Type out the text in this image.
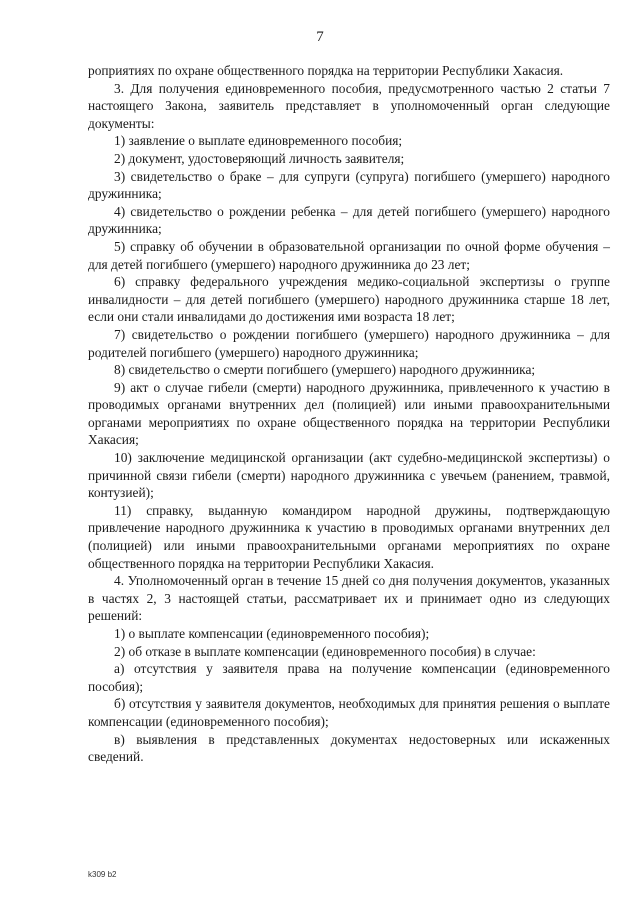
7

роприятиях по охране общественного порядка на территории Республики Хакасия.

3. Для получения единовременного пособия, предусмотренного частью 2 статьи 7 настоящего Закона, заявитель представляет в уполномоченный орган следующие документы:

1) заявление о выплате единовременного пособия;

2) документ, удостоверяющий личность заявителя;

3) свидетельство о браке – для супруги (супруга) погибшего (умершего) народного дружинника;

4) свидетельство о рождении ребенка – для детей погибшего (умершего) народного дружинника;

5) справку об обучении в образовательной организации по очной форме обучения – для детей погибшего (умершего) народного дружинника до 23 лет;

6) справку федерального учреждения медико-социальной экспертизы о группе инвалидности – для детей погибшего (умершего) народного дружинника старше 18 лет, если они стали инвалидами до достижения ими возраста 18 лет;

7) свидетельство о рождении погибшего (умершего) народного дружинника – для родителей погибшего (умершего) народного дружинника;

8) свидетельство о смерти погибшего (умершего) народного дружинника;

9) акт о случае гибели (смерти) народного дружинника, привлеченного к участию в проводимых органами внутренних дел (полицией) или иными правоохранительными органами мероприятиях по охране общественного порядка на территории Республики Хакасия;

10) заключение медицинской организации (акт судебно-медицинской экспертизы) о причинной связи гибели (смерти) народного дружинника с увечьем (ранением, травмой, контузией);

11) справку, выданную командиром народной дружины, подтверждающую привлечение народного дружинника к участию в проводимых органами внутренних дел (полицией) или иными правоохранительными органами мероприятиях по охране общественного порядка на территории Республики Хакасия.

4. Уполномоченный орган в течение 15 дней со дня получения документов, указанных в частях 2, 3 настоящей статьи, рассматривает их и принимает одно из следующих решений:

1) о выплате компенсации (единовременного пособия);

2) об отказе в выплате компенсации (единовременного пособия) в случае:

а) отсутствия у заявителя права на получение компенсации (единовременного пособия);

б) отсутствия у заявителя документов, необходимых для принятия решения о выплате компенсации (единовременного пособия);

в) выявления в представленных документах недостоверных или искаженных сведений.

k309 b2
